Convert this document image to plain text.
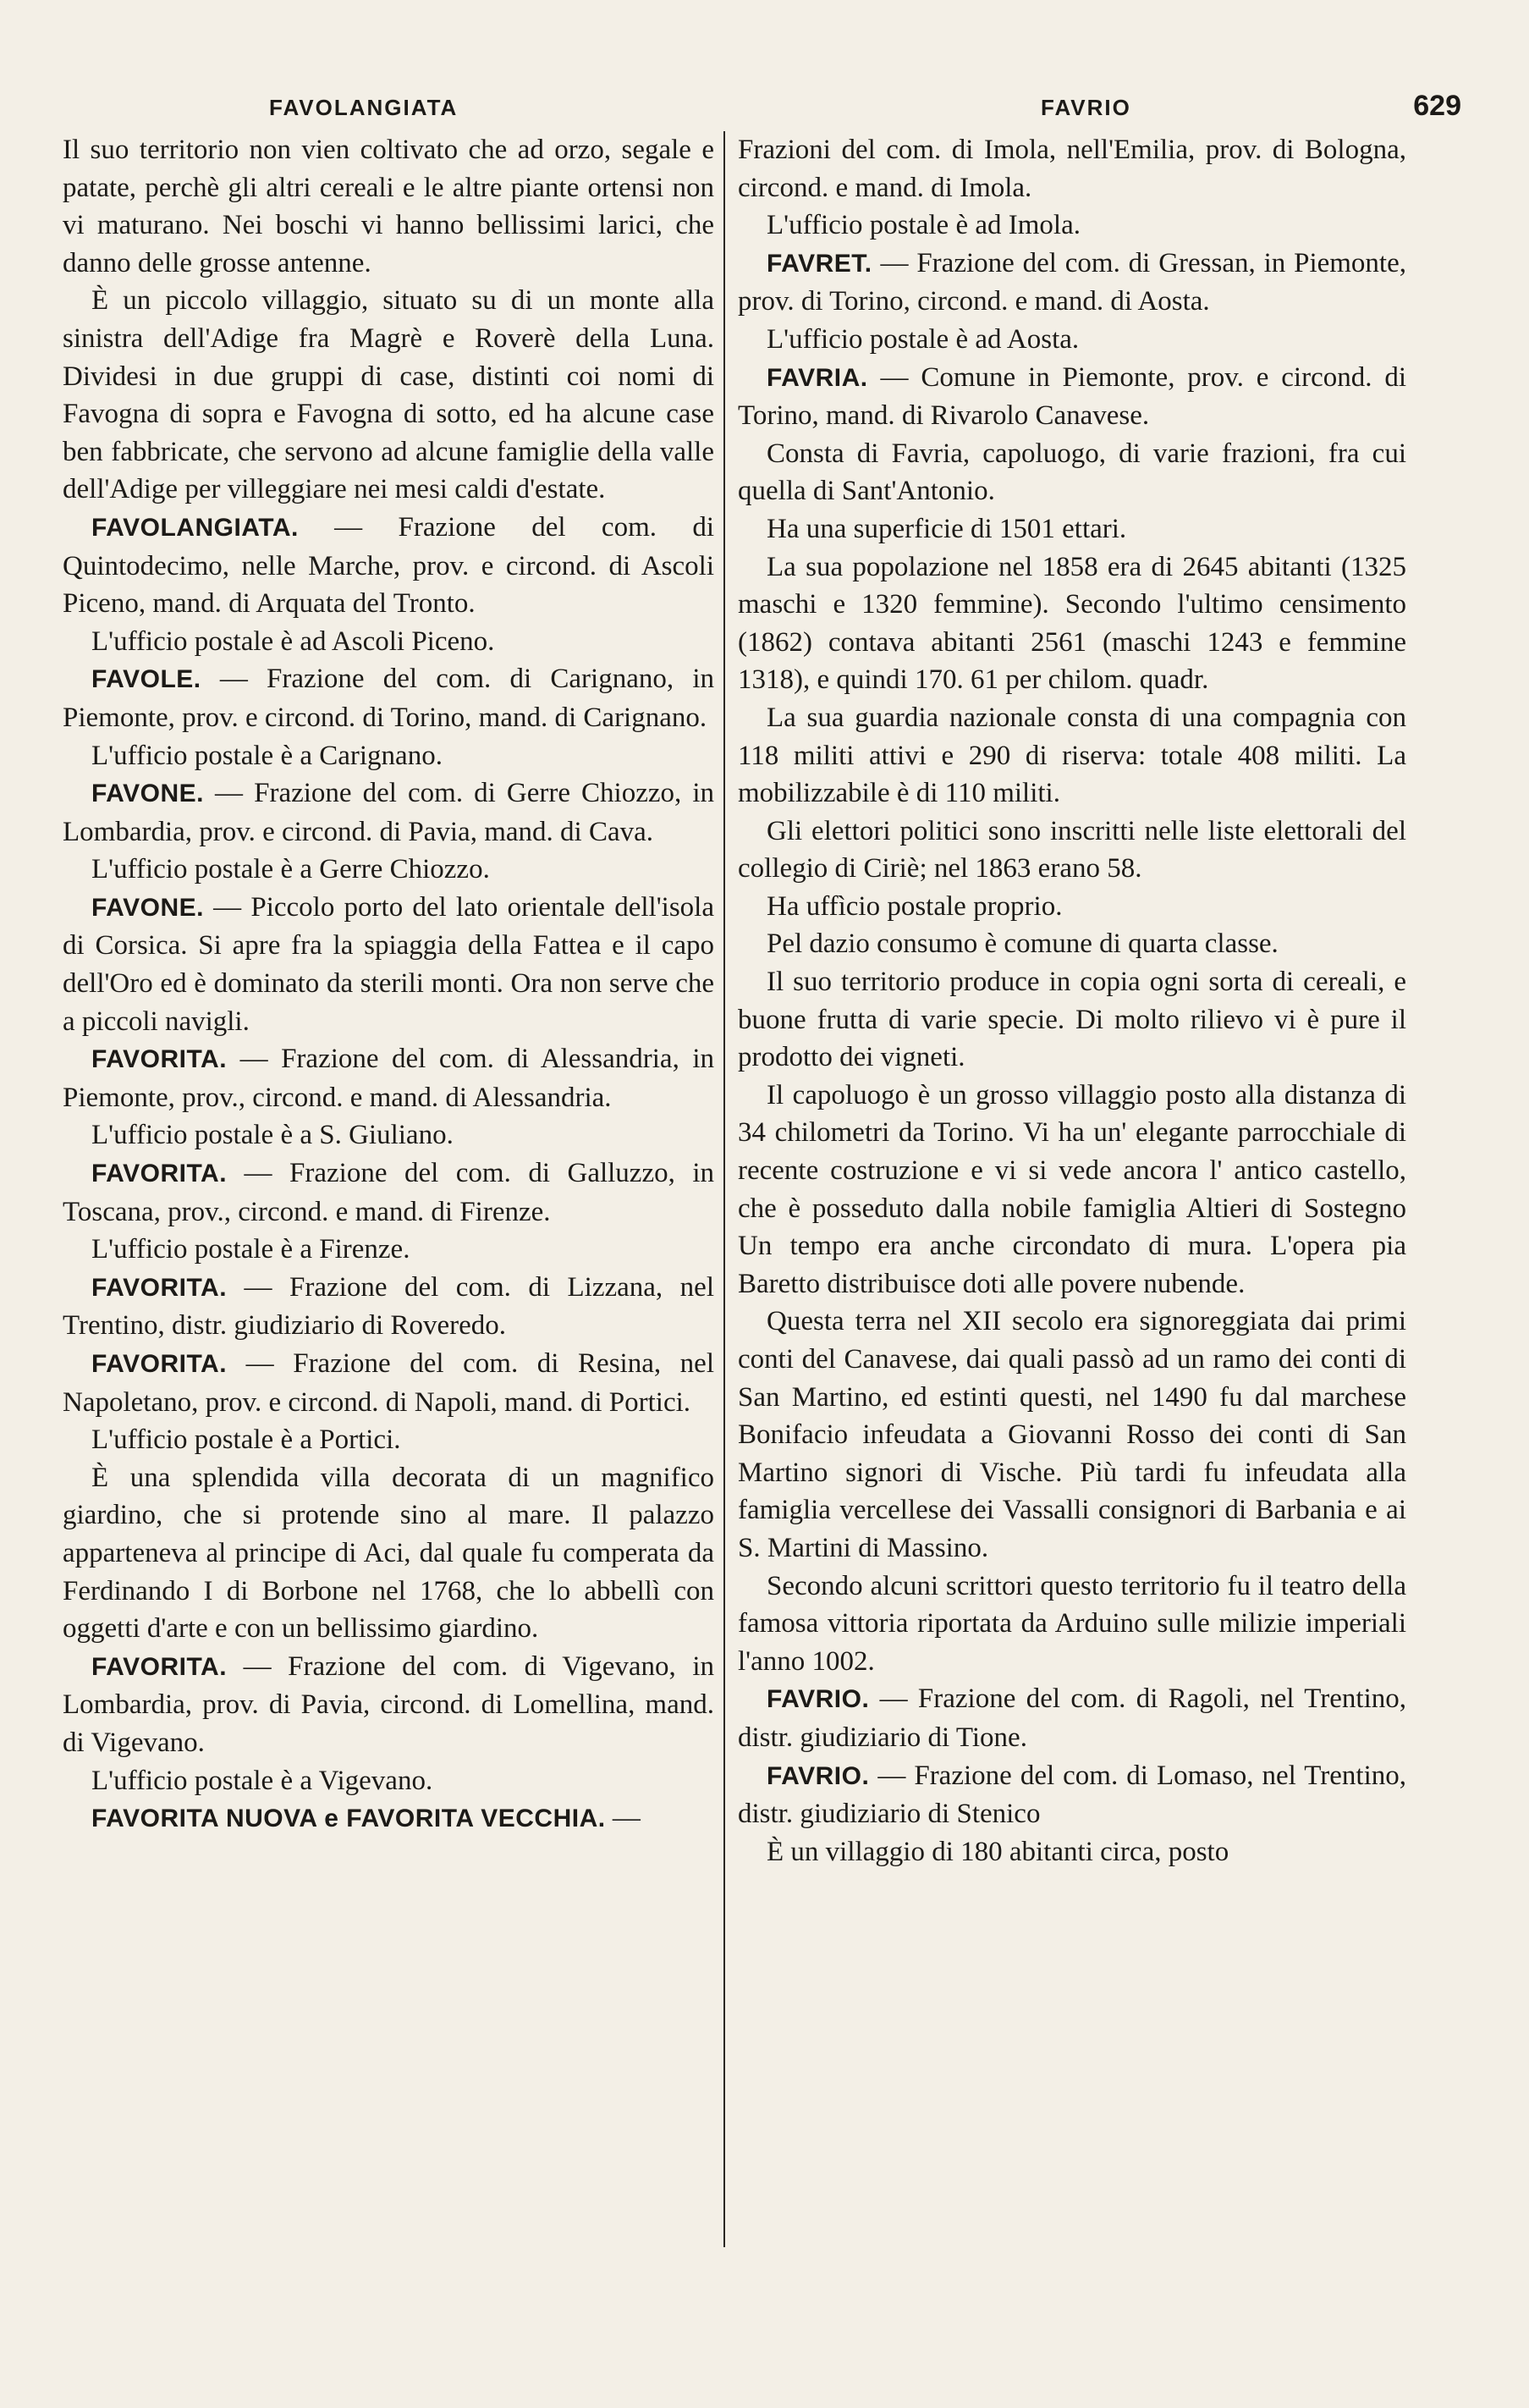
FAVOLANGIATA	FAVRIO	629

Il suo territorio non vien coltivato che ad orzo, segale e patate, perchè gli altri cereali e le altre piante ortensi non vi maturano. Nei boschi vi hanno bellissimi larici, che danno delle grosse antenne.

È un piccolo villaggio, situato su di un monte alla sinistra dell'Adige fra Magrè e Roverè della Luna. Dividesi in due gruppi di case, distinti coi nomi di Favogna di sopra e Favogna di sotto, ed ha alcune case ben fabbricate, che servono ad alcune famiglie della valle dell'Adige per villeggiare nei mesi caldi d'estate.

FAVOLANGIATA. — Frazione del com. di Quintodecimo, nelle Marche, prov. e circond. di Ascoli Piceno, mand. di Arquata del Tronto.

L'ufficio postale è ad Ascoli Piceno.

FAVOLE. — Frazione del com. di Carignano, in Piemonte, prov. e circond. di Torino, mand. di Carignano.

L'ufficio postale è a Carignano.

FAVONE. — Frazione del com. di Gerre Chiozzo, in Lombardia, prov. e circond. di Pavia, mand. di Cava.

L'ufficio postale è a Gerre Chiozzo.

FAVONE. — Piccolo porto del lato orientale dell'isola di Corsica. Si apre fra la spiaggia della Fattea e il capo dell'Oro ed è dominato da sterili monti. Ora non serve che a piccoli navigli.

FAVORITA. — Frazione del com. di Alessandria, in Piemonte, prov., circond. e mand. di Alessandria.

L'ufficio postale è a S. Giuliano.

FAVORITA. — Frazione del com. di Galluzzo, in Toscana, prov., circond. e mand. di Firenze.

L'ufficio postale è a Firenze.

FAVORITA. — Frazione del com. di Lizzana, nel Trentino, distr. giudiziario di Roveredo.

FAVORITA. — Frazione del com. di Resina, nel Napoletano, prov. e circond. di Napoli, mand. di Portici.

L'ufficio postale è a Portici.

È una splendida villa decorata di un magnifico giardino, che si protende sino al mare. Il palazzo apparteneva al principe di Aci, dal quale fu comperata da Ferdinando I di Borbone nel 1768, che lo abbellì con oggetti d'arte e con un bellissimo giardino.

FAVORITA. — Frazione del com. di Vigevano, in Lombardia, prov. di Pavia, circond. di Lomellina, mand. di Vigevano.

L'ufficio postale è a Vigevano.

FAVORITA NUOVA e FAVORITA VECCHIA. —

Frazioni del com. di Imola, nell'Emilia, prov. di Bologna, circond. e mand. di Imola.

L'ufficio postale è ad Imola.

FAVRET. — Frazione del com. di Gressan, in Piemonte, prov. di Torino, circond. e mand. di Aosta.

L'ufficio postale è ad Aosta.

FAVRIA. — Comune in Piemonte, prov. e circond. di Torino, mand. di Rivarolo Canavese.

Consta di Favria, capoluogo, di varie frazioni, fra cui quella di Sant'Antonio.

Ha una superficie di 1501 ettari.

La sua popolazione nel 1858 era di 2645 abitanti (1325 maschi e 1320 femmine). Secondo l'ultimo censimento (1862) contava abitanti 2561 (maschi 1243 e femmine 1318), e quindi 170. 61 per chilom. quadr.

La sua guardia nazionale consta di una compagnia con 118 militi attivi e 290 di riserva: totale 408 militi. La mobilizzabile è di 110 militi.

Gli elettori politici sono inscritti nelle liste elettorali del collegio di Ciriè; nel 1863 erano 58.

Ha uffìcio postale proprio.

Pel dazio consumo è comune di quarta classe.

Il suo territorio produce in copia ogni sorta di cereali, e buone frutta di varie specie. Di molto rilievo vi è pure il prodotto dei vigneti.

Il capoluogo è un grosso villaggio posto alla distanza di 34 chilometri da Torino. Vi ha un' elegante parrocchiale di recente costruzione e vi si vede ancora l' antico castello, che è posseduto dalla nobile famiglia Altieri di Sostegno Un tempo era anche circondato di mura. L'opera pia Baretto distribuisce doti alle povere nubende.

Questa terra nel XII secolo era signoreggiata dai primi conti del Canavese, dai quali passò ad un ramo dei conti di San Martino, ed estinti questi, nel 1490 fu dal marchese Bonifacio infeudata a Giovanni Rosso dei conti di San Martino signori di Vische. Più tardi fu infeudata alla famiglia vercellese dei Vassalli consignori di Barbania e ai S. Martini di Massino.

Secondo alcuni scrittori questo territorio fu il teatro della famosa vittoria riportata da Arduino sulle milizie imperiali l'anno 1002.

FAVRIO. — Frazione del com. di Ragoli, nel Trentino, distr. giudiziario di Tione.

FAVRIO. — Frazione del com. di Lomaso, nel Trentino, distr. giudiziario di Stenico

È un villaggio di 180 abitanti circa, posto
